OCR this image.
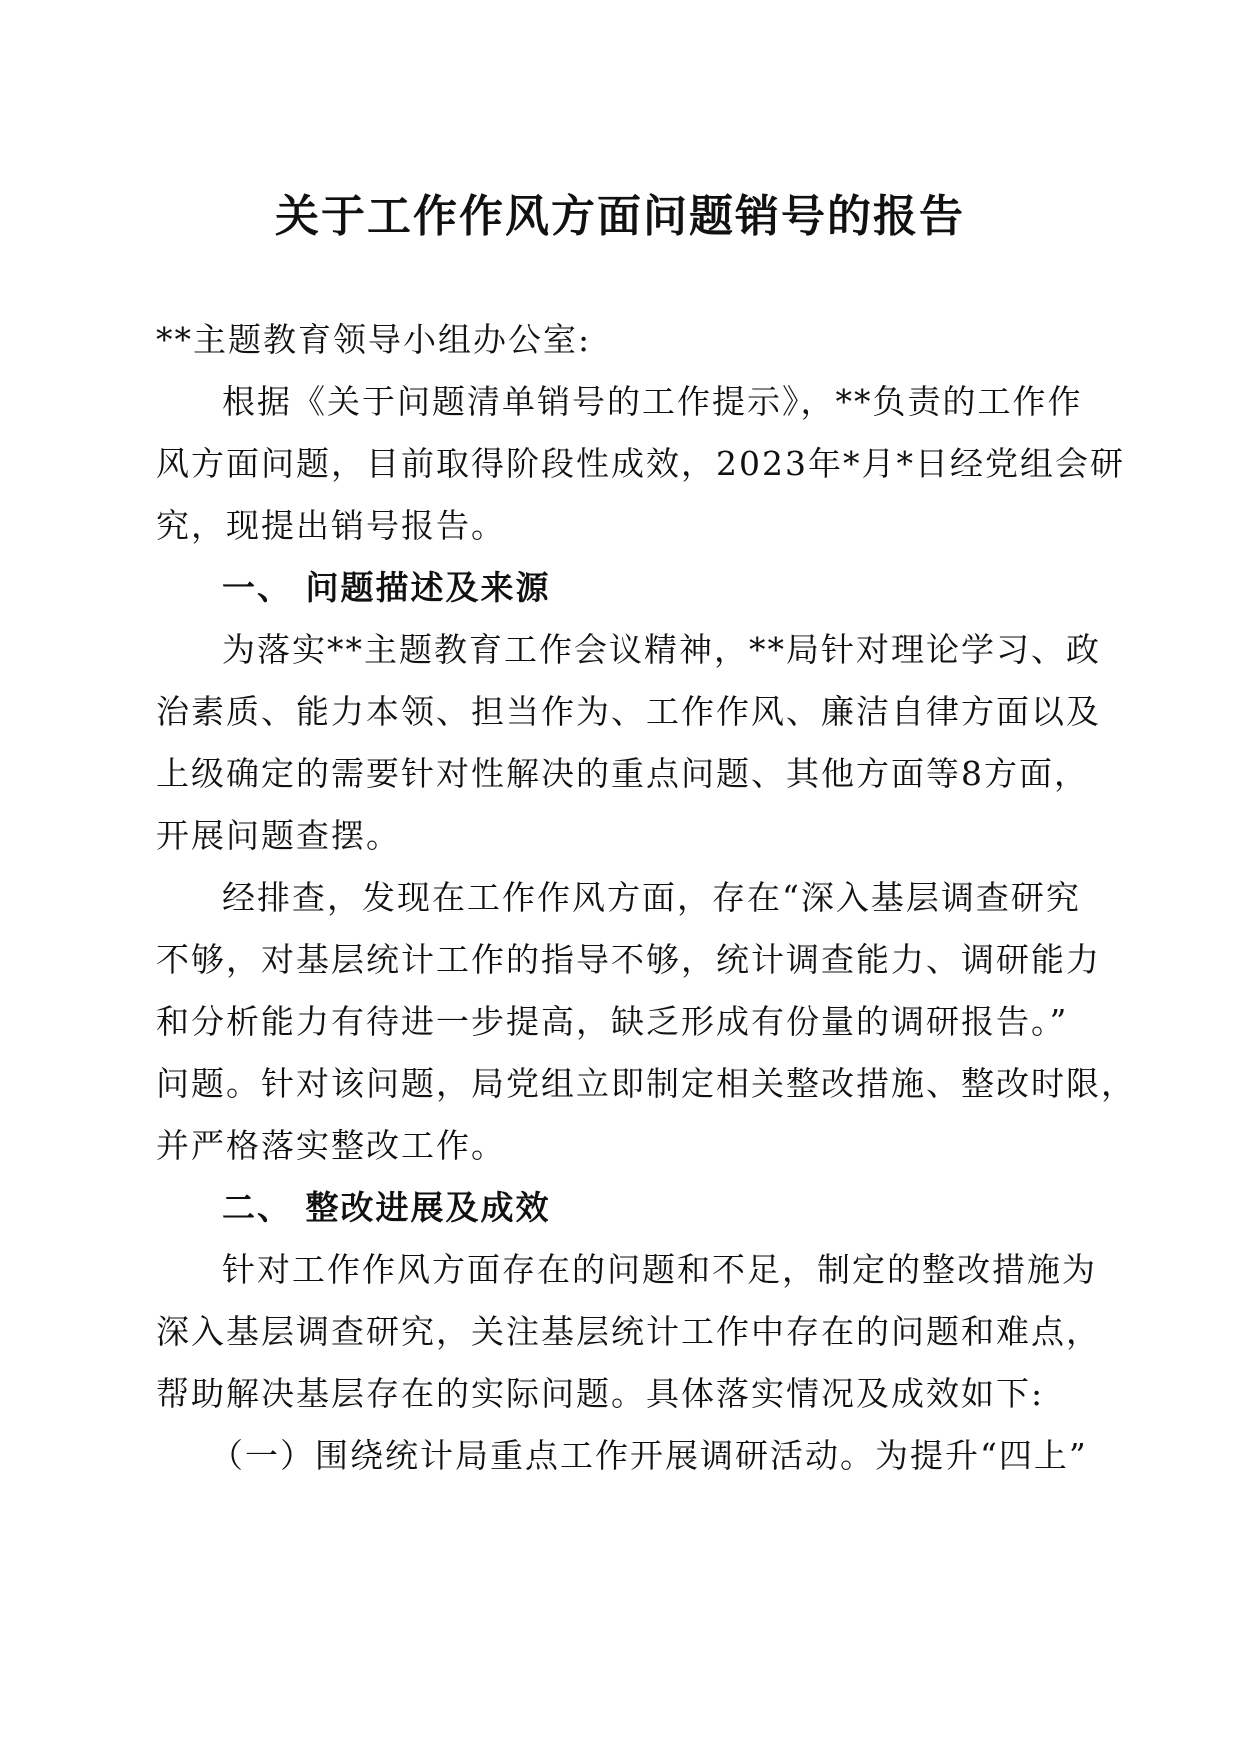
关于工作作风方面问题销号的报告

**主题教育领导小组办公室:

根据《关于问题清单销号的工作提示》，**负责的工作作

风方面问题，目前取得阶段性成效，2023年*月*日经党组会研

究，现提出销号报告。

一、 问题描述及来源

为落实**主题教育工作会议精神，**局针对理论学习、政

治素质、能力本领、担当作为、工作作风、廉洁自律方面以及

上级确定的需要针对性解决的重点问题、其他方面等8方面，

开展问题查摆。

经排查，发现在工作作风方面，存在“深入基层调查研究

不够，对基层统计工作的指导不够，统计调查能力、调研能力

和分析能力有待进一步提高，缺乏形成有份量的调研报告。”

问题。针对该问题，局党组立即制定相关整改措施、整改时限，

并严格落实整改工作。

二、 整改进展及成效

针对工作作风方面存在的问题和不足，制定的整改措施为

深入基层调查研究，关注基层统计工作中存在的问题和难点，

帮助解决基层存在的实际问题。具体落实情况及成效如下:

（一）围绕统计局重点工作开展调研活动。为提升“四上”
